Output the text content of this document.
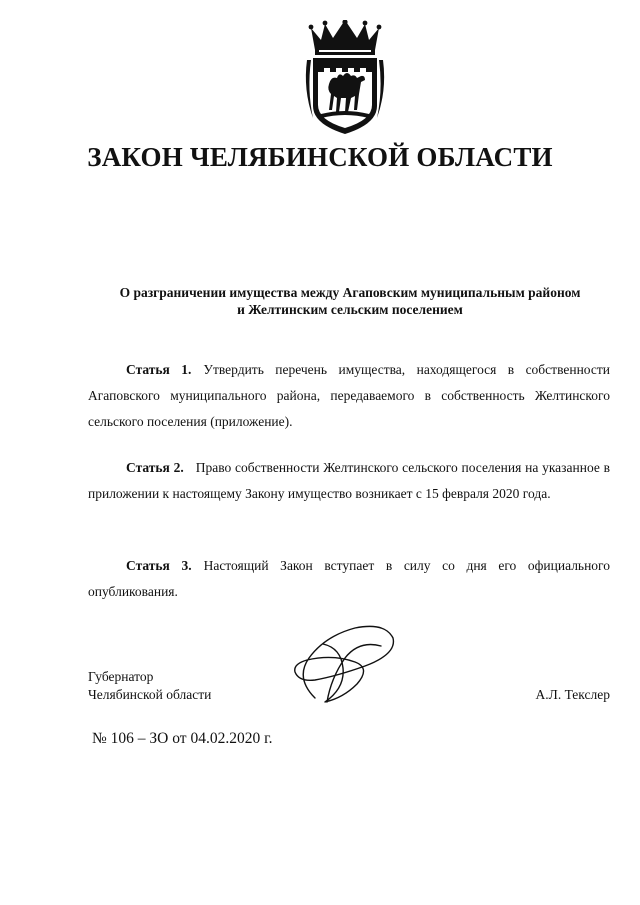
ЗАКОН ЧЕЛЯБИНСКОЙ ОБЛАСТИ
О разграничении имущества между Агаповским муниципальным районом
и Желтинским сельским поселением
Статья 1. Утвердить перечень имущества, находящегося в собственности Агаповского муниципального района, передаваемого в собственность Желтинского сельского поселения (приложение).
Статья 2. Право собственности Желтинского сельского поселения на указанное в приложении к настоящему Закону имущество возникает с 15 февраля 2020 года.
Статья 3. Настоящий Закон вступает в силу со дня его официального опубликования.
Губернатор
Челябинской области	А.Л. Текслер
№ 106 – ЗО от 04.02.2020 г.
